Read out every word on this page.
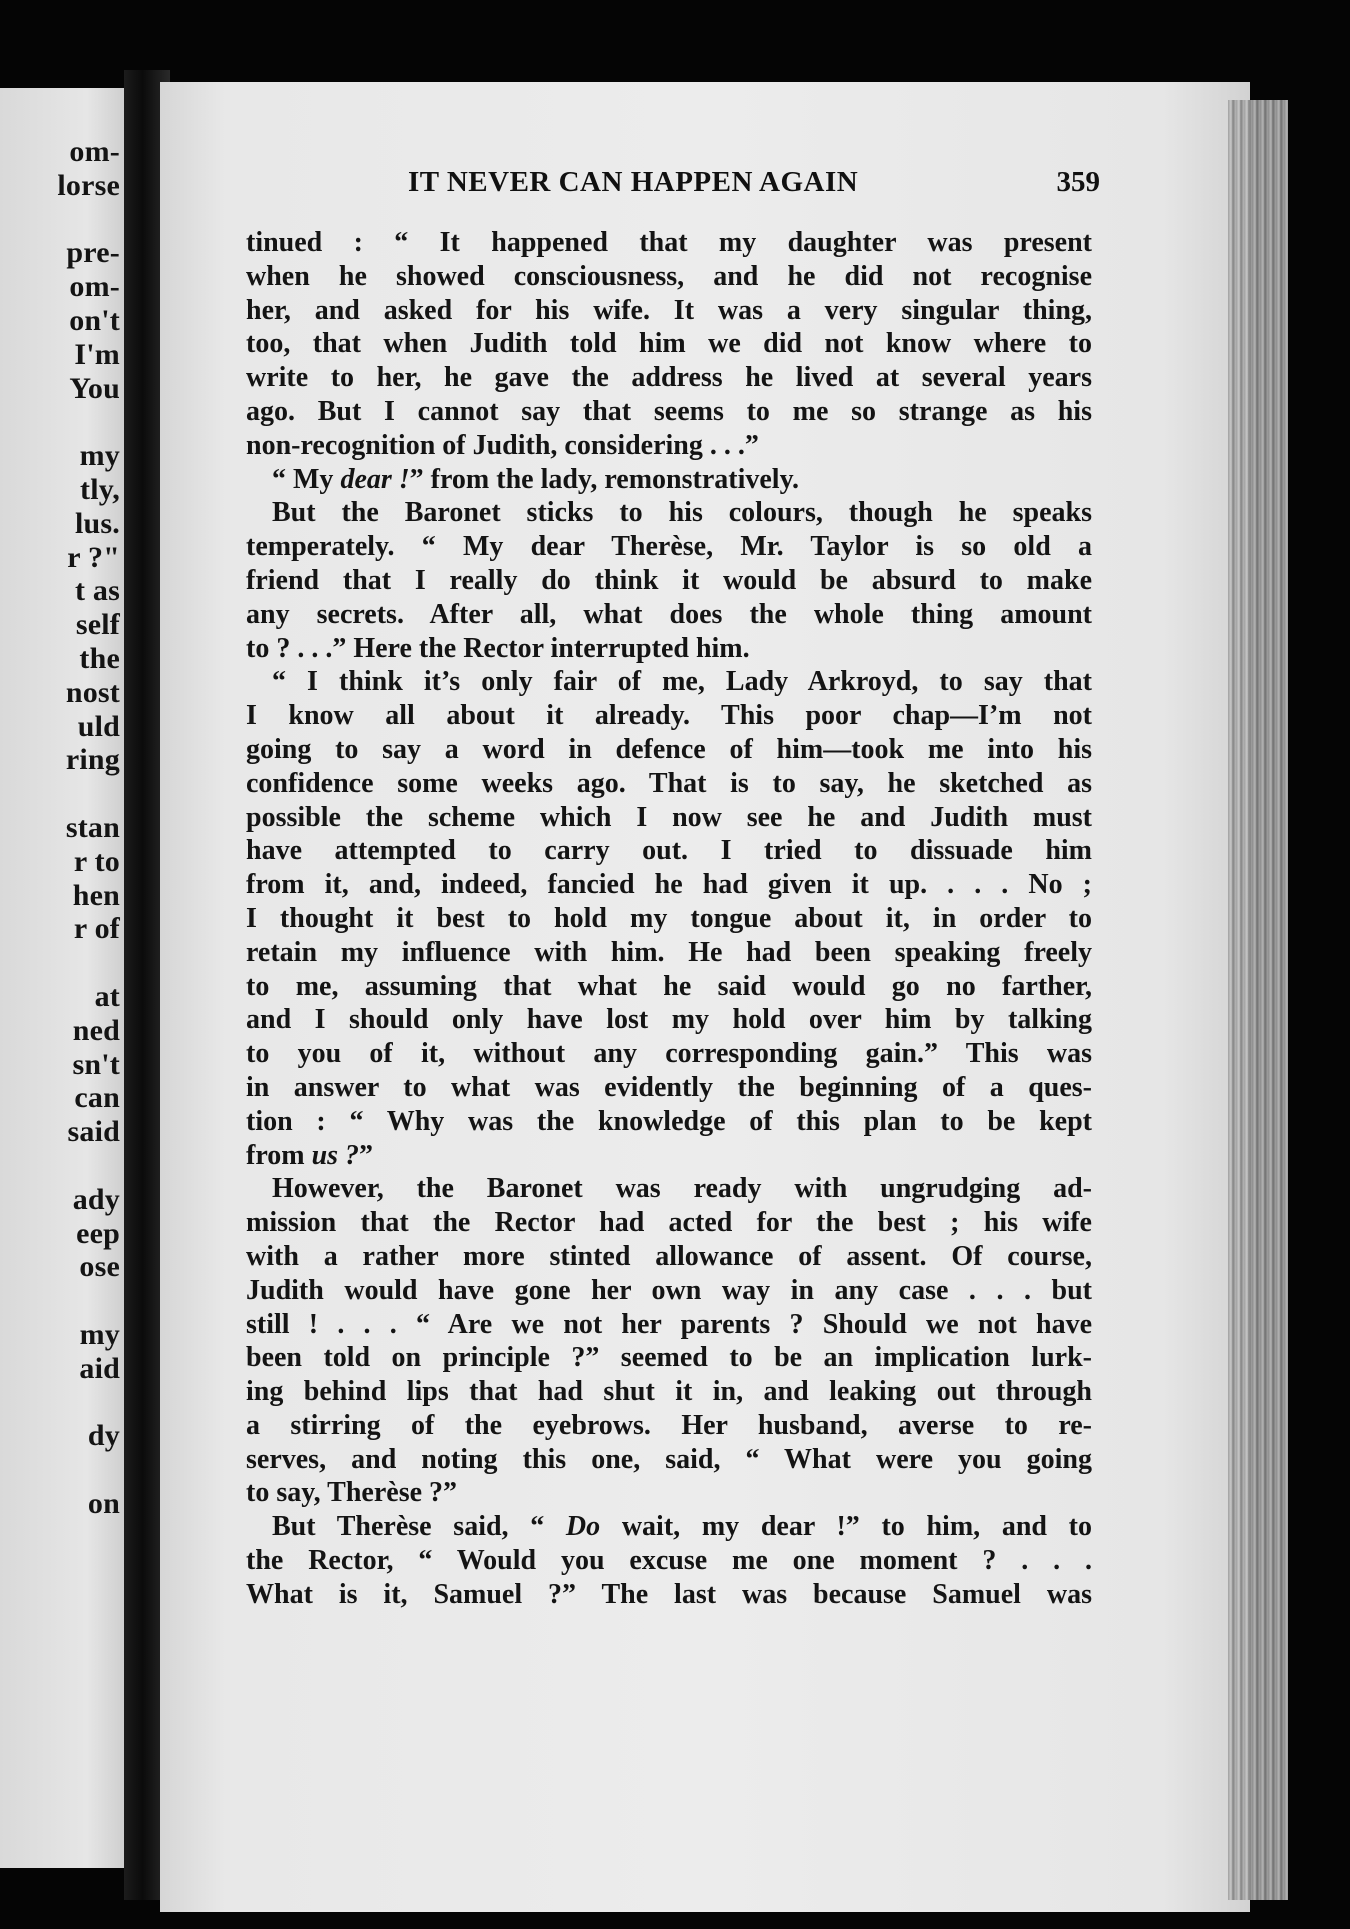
om-
lorse
pre-
om-
on't
I'm
You
my
tly,
lus.
r ?"
t as
self
the
nost
uld
ring
stan
r to
hen
r of
at
ned
sn't
can
said
ady
eep
ose
my
aid
dy
on
IT NEVER CAN HAPPEN AGAIN	359
tinued : “ It happened that my daughter was present
when he showed consciousness, and he did not recognise
her, and asked for his wife. It was a very singular thing,
too, that when Judith told him we did not know where to
write to her, he gave the address he lived at several years
ago. But I cannot say that seems to me so strange as his
non-recognition of Judith, considering . . .”
“ My dear !” from the lady, remonstratively.
But the Baronet sticks to his colours, though he speaks
temperately. “ My dear Therèse, Mr. Taylor is so old a
friend that I really do think it would be absurd to make
any secrets. After all, what does the whole thing amount
to ? . . .” Here the Rector interrupted him.
“ I think it’s only fair of me, Lady Arkroyd, to say that
I know all about it already. This poor chap—I’m not
going to say a word in defence of him—took me into his
confidence some weeks ago. That is to say, he sketched as
possible the scheme which I now see he and Judith must
have attempted to carry out. I tried to dissuade him
from it, and, indeed, fancied he had given it up. . . . No ;
I thought it best to hold my tongue about it, in order to
retain my influence with him. He had been speaking freely
to me, assuming that what he said would go no farther,
and I should only have lost my hold over him by talking
to you of it, without any corresponding gain.” This was
in answer to what was evidently the beginning of a ques-
tion : “ Why was the knowledge of this plan to be kept
from us ?”
However, the Baronet was ready with ungrudging ad-
mission that the Rector had acted for the best ; his wife
with a rather more stinted allowance of assent. Of course,
Judith would have gone her own way in any case . . . but
still ! . . . “ Are we not her parents ? Should we not have
been told on principle ?” seemed to be an implication lurk-
ing behind lips that had shut it in, and leaking out through
a stirring of the eyebrows. Her husband, averse to re-
serves, and noting this one, said, “ What were you going
to say, Therèse ?”
But Therèse said, “ Do wait, my dear !” to him, and to
the Rector, “ Would you excuse me one moment ? . . .
What is it, Samuel ?” The last was because Samuel was
